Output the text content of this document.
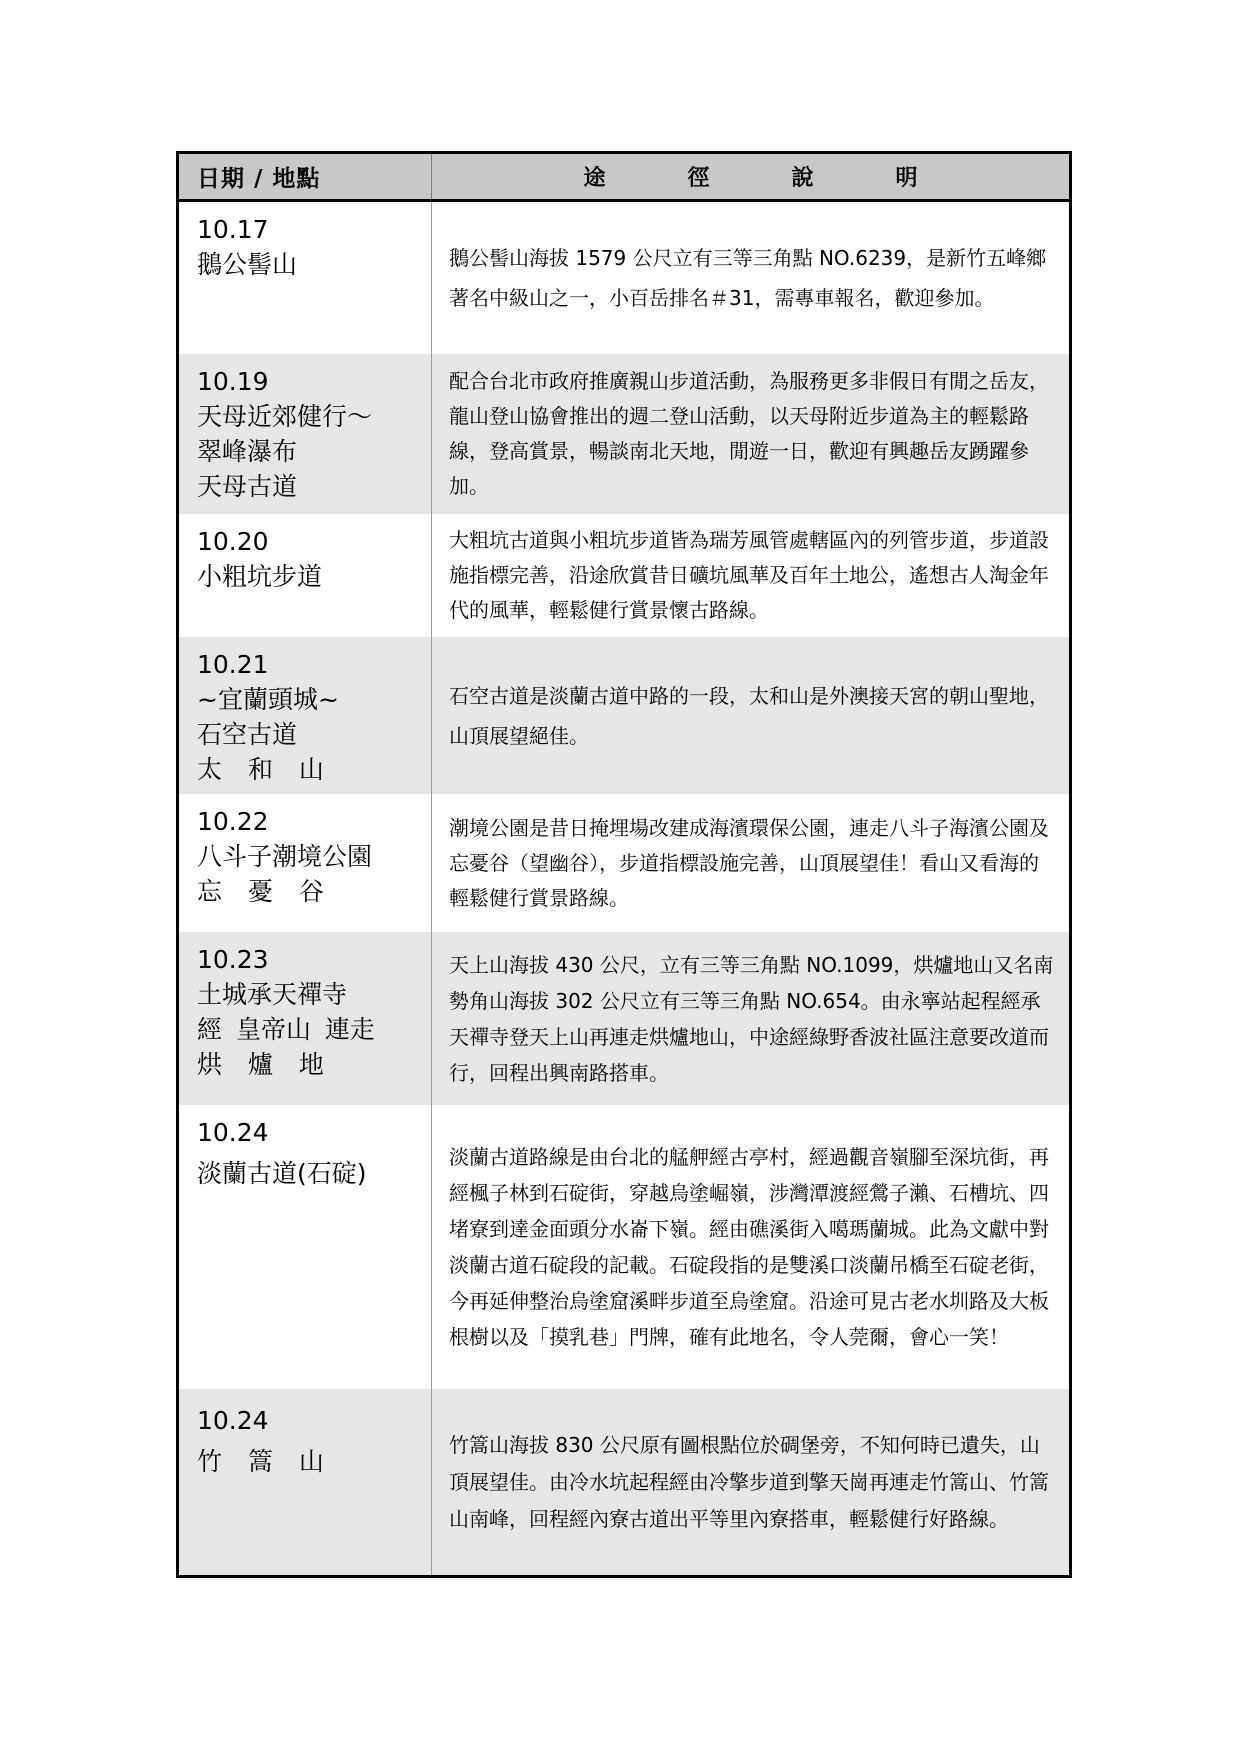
日期 / 地點	途　徑　說　明
10.17
鵝公髻山	鵝公髻山海拔 1579 公尺立有三等三角點 NO.6239，是新竹五峰鄉著名中級山之一，小百岳排名＃31，需專車報名，歡迎參加。
10.19
天母近郊健行～
翠峰瀑布
天母古道
配合台北市政府推廣親山步道活動，為服務更多非假日有閒之岳友，龍山登山協會推出的週二登山活動，以天母附近步道為主的輕鬆路線，登高賞景，暢談南北天地，閒遊一日，歡迎有興趣岳友踴躍參加。
10.20
小粗坑步道
大粗坑古道與小粗坑步道皆為瑞芳風管處轄區內的列管步道，步道設施指標完善，沿途欣賞昔日礦坑風華及百年土地公，遙想古人淘金年代的風華，輕鬆健行賞景懷古路線。
10.21
~宜蘭頭城~
石空古道
太 和 山
石空古道是淡蘭古道中路的一段，太和山是外澳接天宮的朝山聖地，山頂展望絕佳。
10.22
八斗子潮境公園
忘 憂 谷
潮境公園是昔日掩埋場改建成海濱環保公園，連走八斗子海濱公園及忘憂谷（望幽谷），步道指標設施完善，山頂展望佳！看山又看海的輕鬆健行賞景路線。
10.23
土城承天禪寺
經 皇帝山 連走
烘 爐 地
天上山海拔 430 公尺，立有三等三角點 NO.1099，烘爐地山又名南勢角山海拔 302 公尺立有三等三角點 NO.654。由永寧站起程經承天禪寺登天上山再連走烘爐地山，中途經綠野香波社區注意要改道而行，回程出興南路搭車。
10.24
淡蘭古道(石碇)
淡蘭古道路線是由台北的艋舺經古亭村，經過觀音嶺腳至深坑街，再經楓子林到石碇街，穿越烏塗崛嶺，涉灣潭渡經鶯子瀨、石槽坑、四堵寮到達金面頭分水崙下嶺。經由礁溪街入噶瑪蘭城。此為文獻中對淡蘭古道石碇段的記載。石碇段指的是雙溪口淡蘭吊橋至石碇老街，今再延伸整治烏塗窟溪畔步道至烏塗窟。沿途可見古老水圳路及大板根樹以及「摸乳巷」門牌，確有此地名，令人莞爾，會心一笑！
10.24
竹 篙 山
竹篙山海拔 830 公尺原有圖根點位於碉堡旁，不知何時已遺失，山頂展望佳。由冷水坑起程經由冷擎步道到擎天崗再連走竹篙山、竹篙山南峰，回程經內寮古道出平等里內寮搭車，輕鬆健行好路線。
